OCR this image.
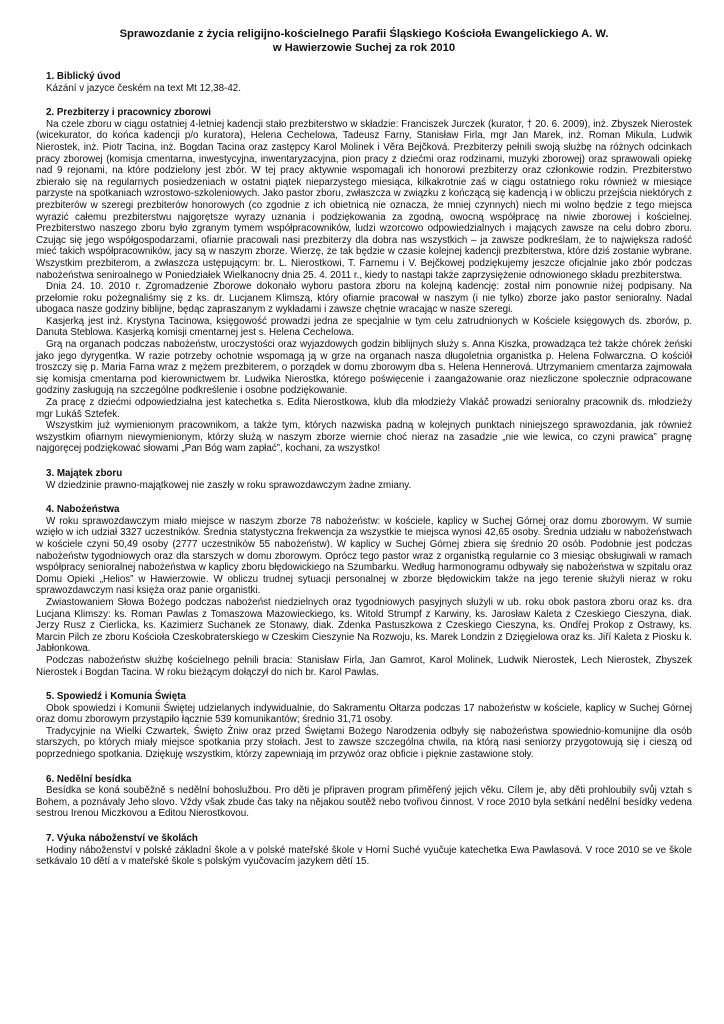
Sprawozdanie z życia religijno-kościelnego Parafii Śląskiego Kościoła Ewangelickiego A. W.
w Hawierzowie Suchej za rok 2010
1. Biblický úvod

Kázání v jazyce českém na text Mt 12,38-42.

2. Prezbiterzy i pracownicy zborowi

Na czele zboru w ciągu ostatniej 4-letniej kadencji stało prezbiterstwo w składzie: Franciszek Jurczek (kurator, † 20. 6. 2009), inż. Zbyszek Nierostek (wicekurator, do końca kadencji p/o kuratora), Helena Cechelowa, Tadeusz Farny, Stanisław Firla, mgr Jan Marek, inż. Roman Mikula, Ludwik Nierostek, inż. Piotr Tacina, inż. Bogdan Tacina oraz zastępcy Karol Molinek i Věra Bejčková. Prezbiterzy pełnili swoją służbę na różnych odcinkach pracy zborowej (komisja cmentarna, inwestycyjna, inwentaryzacyjna, pion pracy z dziećmi oraz rodzinami, muzyki zborowej) oraz sprawowali opiekę nad 9 rejonami, na które podzielony jest zbór. W tej pracy aktywnie wspomagali ich honorowi prezbiterzy oraz członkowie rodzin. Prezbiterstwo zbierało się na regularnych posiedzeniach w ostatni piątek nieparzystego miesiąca, kilkakrotnie zaś w ciągu ostatniego roku również w miesiące parzyste na spotkaniach wzrostowo-szkoleniowych. Jako pastor zboru, zwłaszcza w związku z kończącą się kadencją i w obliczu przejścia niektórych z prezbiterów w szeregi prezbiterów honorowych (co zgodnie z ich obietnicą nie oznacza, że mniej czynnych) niech mi wolno będzie z tego miejsca wyrazić całemu prezbiterstwu najgorętsze wyrazy uznania i podziękowania za zgodną, owocną współpracę na niwie zborowej i kościelnej. Prezbiterstwo naszego zboru było zgranym tymem współpracowników, ludzi wzorcowo odpowiedzialnych i mających zawsze na celu dobro zboru. Czując się jego współgospodarzami, ofiarnie pracowali nasi prezbiterzy dla dobra nas wszystkich – ja zawsze podkreślam, że to największa radość mieć takich współpracowników, jacy są w naszym zborze. Wierzę, że tak będzie w czasie kolejnej kadencji prezbiterstwa, które dziś zostanie wybrane. Wszystkim prezbiterom, a zwłaszcza ustępującym: br. L. Nierostkowi, T. Farnemu i V. Bejčkowej podziękujemy jeszcze oficjalnie jako zbór podczas nabożeństwa seniroalnego w Poniedziałek Wielkanocny dnia 25. 4. 2011 r., kiedy to nastąpi także zaprzysiężenie odnowionego składu prezbiterstwa.

Dnia 24. 10. 2010 r. Zgromadzenie Zborowe dokonało wyboru pastora zboru na kolejną kadencję: został nim ponownie niżej podpisany. Na przełomie roku pożegnaliśmy się z ks. dr. Lucjanem Klimszą, który ofiarnie pracował w naszym (i nie tylko) zborze jako pastor senioralny. Nadal ubogaca nasze godziny biblijne, będąc zapraszanym z wykładami i zawsze chętnie wracając w nasze szeregi.

Kasjerką jest inż. Krystyna Tacinowa, księgowość prowadzi jedna ze specjalnie w tym celu zatrudnionych w Kościele księgowych ds. zborów, p. Danuta Steblowa. Kasjerką komisji cmentarnej jest s. Helena Cechelowa.

Grą na organach podczas nabożeństw, uroczystości oraz wyjazdowych godzin biblijnych służy s. Anna Kiszka, prowadząca też także chórek żeński jako jego dyrygentka. W razie potrzeby ochotnie wspomagą ją w grze na organach nasza długoletnia organistka p. Helena Folwarczna. O kościół troszczy się p. Maria Farna wraz z mężem prezbiterem, o porządek w domu zborowym dba s. Helena Hennerová. Utrzymaniem cmentarza zajmowała się komisja cmentarna pod kierownictwem br. Ludwika Nierostka, którego poświęcenie i zaangażowanie oraz niezliczone społecznie odpracowane godziny zasługują na szczególne podkreślenie i osobne podziękowanie.

Za pracę z dziećmi odpowiedzialna jest katechetka s. Edita Nierostkowa, klub dla młodzieży Vlakáč prowadzi senioralny pracownik ds. młodzieży mgr Lukáš Sztefek.

Wszystkim już wymienionym pracownikom, a także tym, których nazwiska padną w kolejnych punktach niniejszego sprawozdania, jak również wszystkim ofiarnym niewymienionym, którzy służą w naszym zborze wiernie choć nieraz na zasadzie „nie wie lewica, co czyni prawica” pragnę najgoręcej podziękować słowami „Pan Bóg wam zapłać”, kochani, za wszystko!

3. Majątek zboru

W dziedzinie prawno-majątkowej nie zaszły w roku sprawozdawczym żadne zmiany.

4. Nabożeństwa

W roku sprawozdawczym miało miejsce w naszym zborze 78 nabożeństw: w kościele, kaplicy w Suchej Górnej oraz domu zborowym. W sumie wzięło w ich udział 3327 uczestników. Średnia statystyczna frekwencja za wszystkie te miejsca wynosi 42,65 osoby. Średnia udziału w nabożeństwach w kościele czyni 50,49 osoby (2777 uczestników 55 nabożeństw). W kaplicy w Suchej Górnej zbiera się średnio 20 osób. Podobnie jest podczas nabożeństw tygodniowych oraz dla starszych w domu zborowym. Oprócz tego pastor wraz z organistką regularnie co 3 miesiąc obsługiwali w ramach współpracy senioralnej nabożeństwa w kaplicy zboru błędowickiego na Szumbarku. Według harmonogramu odbywały się nabożeństwa w szpitalu oraz Domu Opieki „Helios” w Hawierzowie. W obliczu trudnej sytuacji personalnej w zborze błędowickim także na jego terenie służyli nieraz w roku sprawozdawczym nasi księża oraz panie organistki.

Zwiastowaniem Słowa Bożego podczas nabożeńst niedzielnych oraz tygodniowych pasyjnych służyli w ub. roku obok pastora zboru oraz ks. dra Lucjana Klimszy: ks. Roman Pawlas z Tomaszowa Mazowieckiego, ks. Witold Strumpf z Karwiny, ks. Jarosław Kaleta z Czeskiego Cieszyna, diak. Jerzy Rusz z Cierlicka, ks. Kazimierz Suchanek ze Stonawy, diak. Zdenka Pastuszkowa z Czeskiego Cieszyna, ks. Ondřej Prokop z Ostrawy, ks. Marcin Pilch ze zboru Kościoła Czeskobraterskiego w Czeskim Cieszynie Na Rozwoju, ks. Marek Londzin z Dzięgielowa oraz ks. Jiří Kaleta z Piosku k. Jabłonkowa.

Podczas nabożeństw służbę kościelnego pełnili bracia: Stanisław Firla, Jan Gamrot, Karol Molinek, Ludwik Nierostek, Lech Nierostek, Zbyszek Nierostek i Bogdan Tacina. W roku bieżącym dołączył do nich br. Karol Pawlas.

5. Spowiedź i Komunia Święta

Obok spowiedzi i Komunii Świętej udzielanych indywidualnie, do Sakramentu Ołtarza podczas 17 nabożeństw w kościele, kaplicy w Suchej Górnej oraz domu zborowym przystąpiło łącznie 539 komunikantów; średnio 31,71 osoby.

Tradycyjnie na Wielki Czwartek, Święto Żniw oraz przed Świętami Bożego Narodzenia odbyły się nabożeństwa spowiednio-komunijne dla osób starszych, po których miały miejsce spotkania przy stołach. Jest to zawsze szczególna chwila, na którą nasi seniorzy przygotowują się i cieszą od poprzedniego spotkania. Dziękuję wszystkim, którzy zapewniają im przywóz oraz obficie i pięknie zastawione stoły.

6. Nedělní besídka

Besídka se koná souběžně s nedělní bohoslužbou. Pro děti je připraven program přiměřený jejich věku. Cílem je, aby děti prohloubily svůj vztah s Bohem, a poznávaly Jeho slovo. Vždy však zbude čas taky na nějakou soutěž nebo tvořivou činnost. V roce 2010 byla setkání nedělní besídky vedena sestrou Irenou Miczkovou a Editou Nierostkovou.

7. Výuka náboženství ve školách

Hodiny náboženství v polské základní škole a v polské mateřské škole v Horní Suché vyučuje katechetka Ewa Pawlasová. V roce 2010 se ve škole setkávalo 10 dětí a v mateřské škole s polským vyučovacím jazykem dětí 15.
